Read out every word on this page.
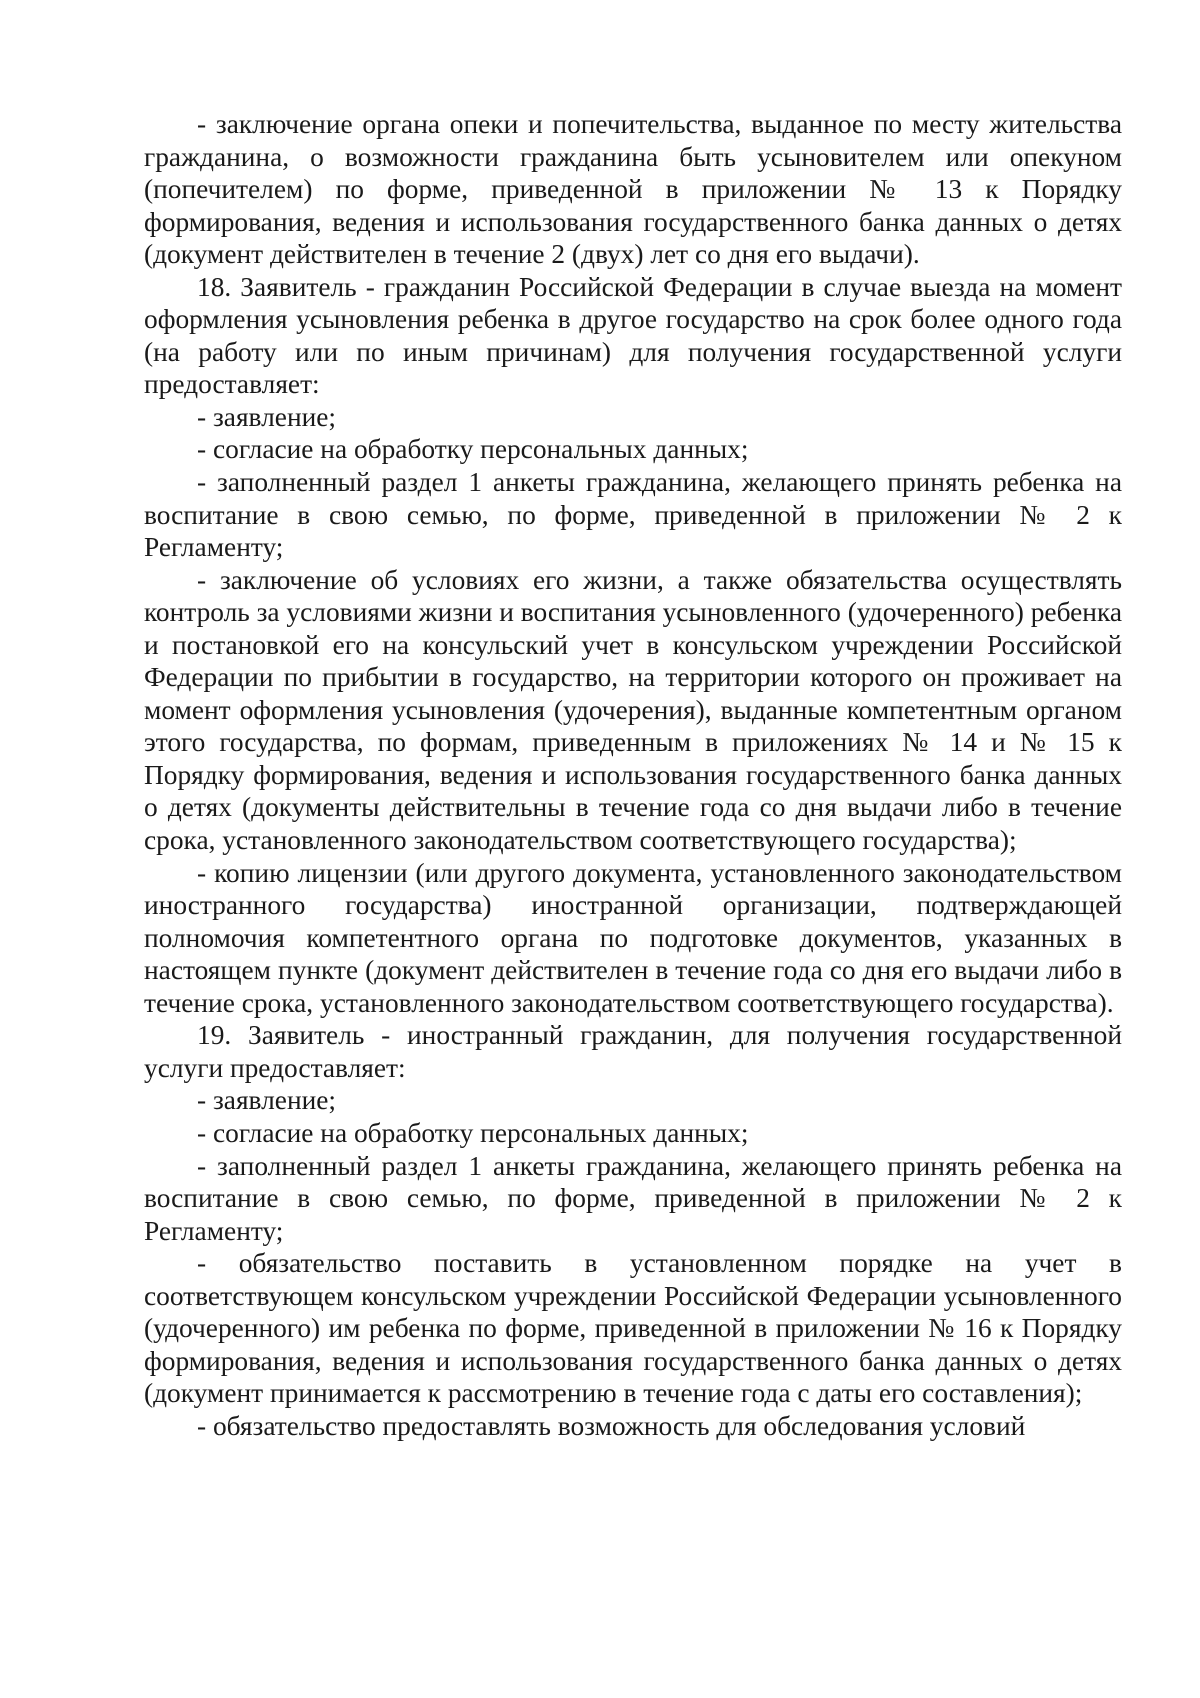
- заключение органа опеки и попечительства, выданное по месту жительства гражданина, о возможности гражданина быть усыновителем или опекуном (попечителем) по форме, приведенной в приложении № 13 к Порядку формирования, ведения и использования государственного банка данных о детях (документ действителен в течение 2 (двух) лет со дня его выдачи).

18. Заявитель - гражданин Российской Федерации в случае выезда на момент оформления усыновления ребенка в другое государство на срок более одного года (на работу или по иным причинам) для получения государственной услуги предоставляет:

- заявление;

- согласие на обработку персональных данных;

- заполненный раздел 1 анкеты гражданина, желающего принять ребенка на воспитание в свою семью, по форме, приведенной в приложении № 2 к Регламенту;

- заключение об условиях его жизни, а также обязательства осуществлять контроль за условиями жизни и воспитания усыновленного (удочеренного) ребенка и постановкой его на консульский учет в консульском учреждении Российской Федерации по прибытии в государство, на территории которого он проживает на момент оформления усыновления (удочерения), выданные компетентным органом этого государства, по формам, приведенным в приложениях № 14 и № 15 к Порядку формирования, ведения и использования государственного банка данных о детях (документы действительны в течение года со дня выдачи либо в течение срока, установленного законодательством соответствующего государства);

- копию лицензии (или другого документа, установленного законодательством иностранного государства) иностранной организации, подтверждающей полномочия компетентного органа по подготовке документов, указанных в настоящем пункте (документ действителен в течение года со дня его выдачи либо в течение срока, установленного законодательством соответствующего государства).

19. Заявитель - иностранный гражданин, для получения государственной услуги предоставляет:

- заявление;

- согласие на обработку персональных данных;

- заполненный раздел 1 анкеты гражданина, желающего принять ребенка на воспитание в свою семью, по форме, приведенной в приложении № 2 к Регламенту;

- обязательство поставить в установленном порядке на учет в соответствующем консульском учреждении Российской Федерации усыновленного (удочеренного) им ребенка по форме, приведенной в приложении № 16 к Порядку формирования, ведения и использования государственного банка данных о детях (документ принимается к рассмотрению в течение года с даты его составления);

- обязательство предоставлять возможность для обследования условий
